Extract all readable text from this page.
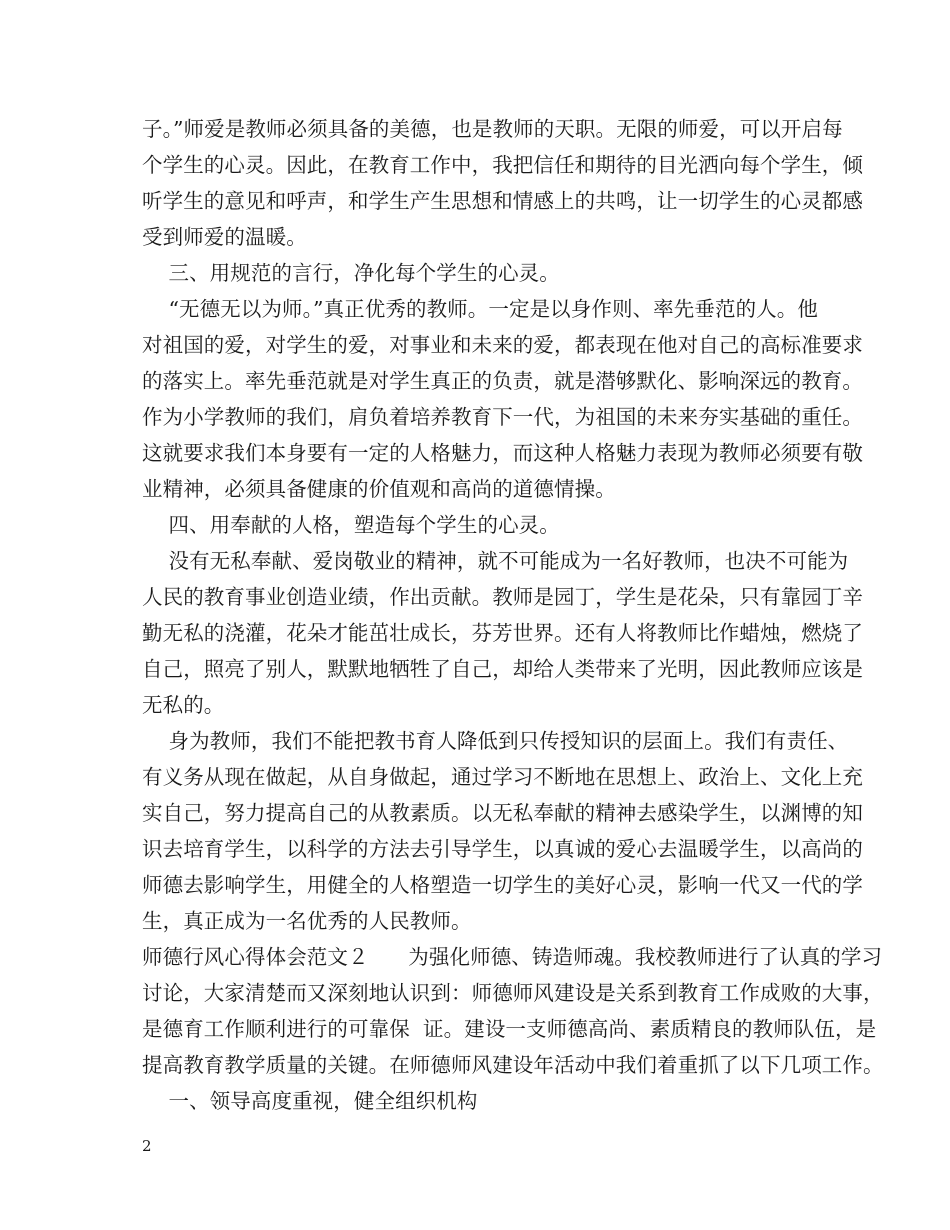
子。”师爱是教师必须具备的美德，也是教师的天职。无限的师爱，可以开启每
个学生的心灵。因此，在教育工作中，我把信任和期待的目光洒向每个学生，倾
听学生的意见和呼声，和学生产生思想和情感上的共鸣，让一切学生的心灵都感
受到师爱的温暖。
三、用规范的言行，净化每个学生的心灵。
“无德无以为师。”真正优秀的教师。一定是以身作则、率先垂范的人。他
对祖国的爱，对学生的爱，对事业和未来的爱，都表现在他对自己的高标准要求
的落实上。率先垂范就是对学生真正的负责，就是潜够默化、影响深远的教育。
作为小学教师的我们，肩负着培养教育下一代，为祖国的未来夯实基础的重任。
这就要求我们本身要有一定的人格魅力，而这种人格魅力表现为教师必须要有敬
业精神，必须具备健康的价值观和高尚的道德情操。
四、用奉献的人格，塑造每个学生的心灵。
没有无私奉献、爱岗敬业的精神，就不可能成为一名好教师，也决不可能为
人民的教育事业创造业绩，作出贡献。教师是园丁，学生是花朵，只有靠园丁辛
勤无私的浇灌，花朵才能茁壮成长，芬芳世界。还有人将教师比作蜡烛，燃烧了
自己，照亮了别人，默默地牺牲了自己，却给人类带来了光明，因此教师应该是
无私的。
身为教师，我们不能把教书育人降低到只传授知识的层面上。我们有责任、
有义务从现在做起，从自身做起，通过学习不断地在思想上、政治上、文化上充
实自己，努力提高自己的从教素质。以无私奉献的精神去感染学生，以渊博的知
识去培育学生，以科学的方法去引导学生，以真诚的爱心去温暖学生，以高尚的
师德去影响学生，用健全的人格塑造一切学生的美好心灵，影响一代又一代的学
生，真正成为一名优秀的人民教师。
师德行风心得体会范文２      为强化师德、铸造师魂。我校教师进行了认真的学习
讨论，大家清楚而又深刻地认识到：师德师风建设是关系到教育工作成败的大事，
是德育工作顺利进行的可靠保  证。建设一支师德高尚、素质精良的教师队伍，是
提高教育教学质量的关键。在师德师风建设年活动中我们着重抓了以下几项工作。
一、领导高度重视，健全组织机构
2
